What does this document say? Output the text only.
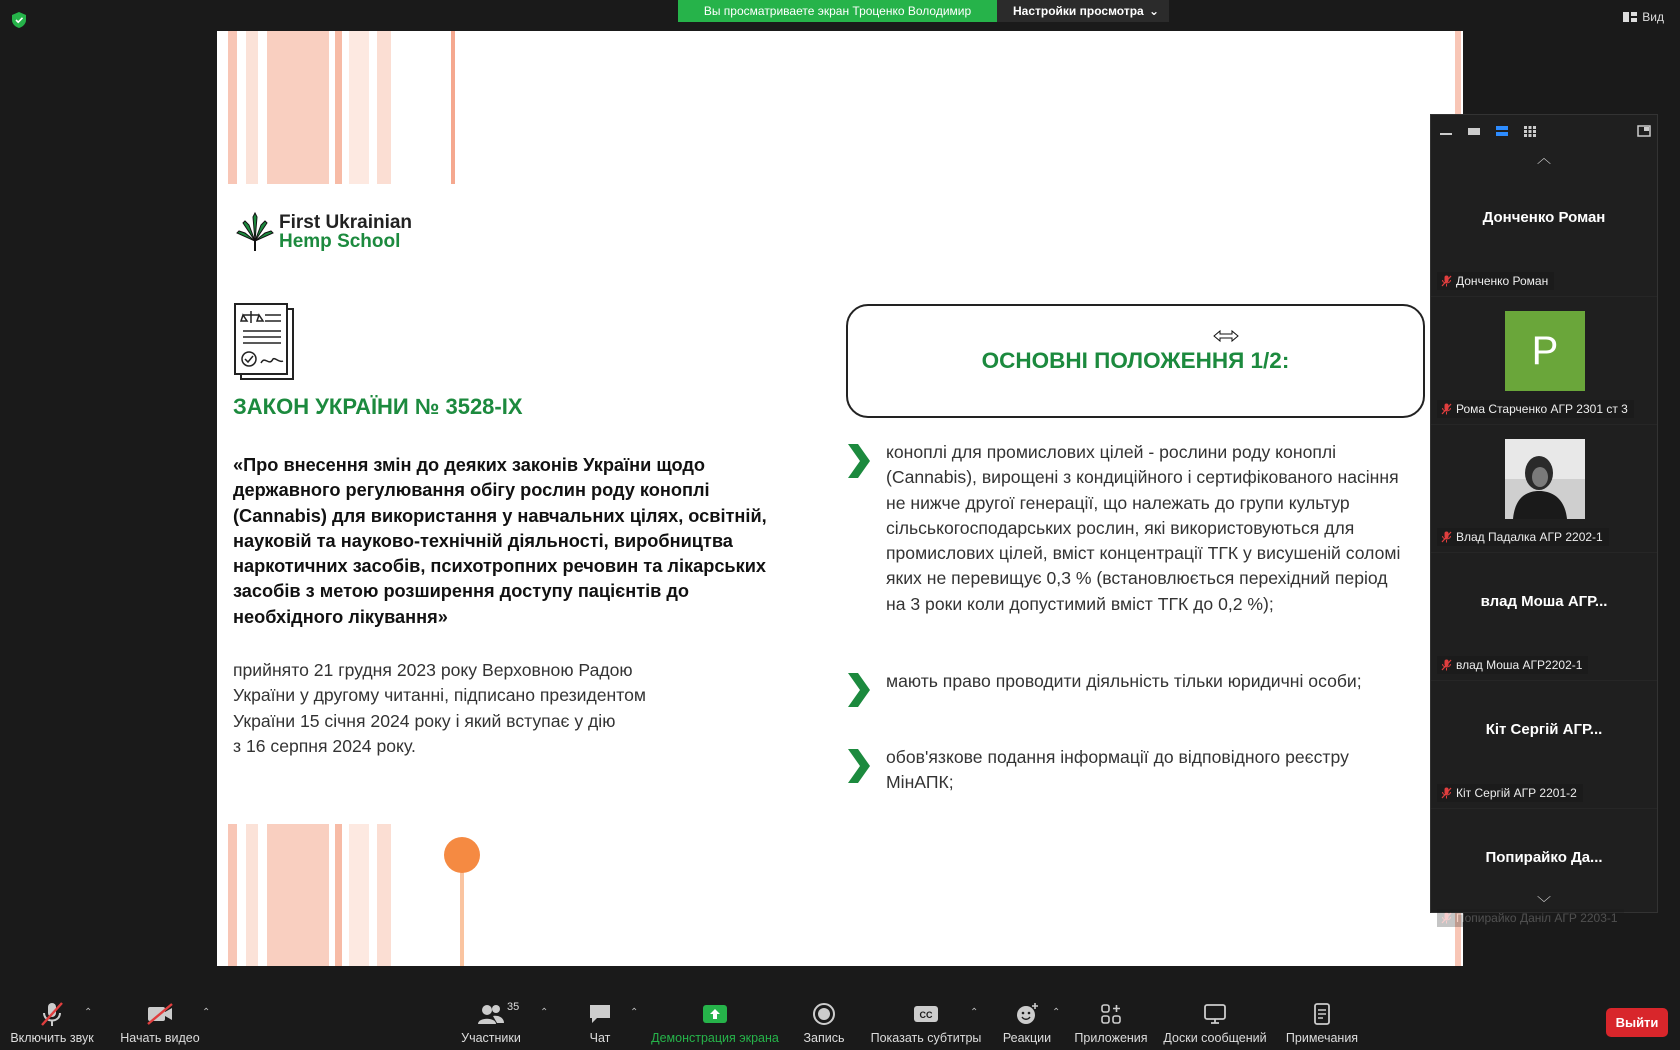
Вы просматриваете экран Троценко Володимир	Настройки просмотра ⌄	Вид
First Ukrainian
Hemp School
ЗАКОН УКРАЇНИ № 3528-IX
«Про внесення змін до деяких законів України щодо державного регулювання обігу рослин роду коноплі (Cannabis) для використання у навчальних цілях, освітній, науковій та науково-технічній діяльності, виробництва наркотичних засобів, психотропних речовин та лікарських засобів з метою розширення доступу пацієнтів до необхідного лікування»
прийнято 21 грудня 2023 року Верховною Радою
України у другому читанні, підписано президентом
України 15 січня 2024 року і який вступає у дію
з 16 серпня 2024 року.
ОСНОВНІ ПОЛОЖЕННЯ 1/2:
коноплі для промислових цілей - рослини роду коноплі (Cannabis), вирощені з кондиційного і сертифікованого насіння не нижче другої генерації, що належать до групи культур сільськогосподарських рослин, які використовуються для промислових цілей, вміст концентрації ТГК у висушеній соломі яких не перевищує 0,3 % (встановлюється перехідний період на 3 роки коли допустимий вміст ТГК до 0,2 %);
мають право проводити діяльність тільки юридичні особи;
обов'язкове подання інформації до відповідного реєстру МінАПК;
︿
Донченко Роман
Донченко Роман
P
Рома Старченко АГР 2301 ст 3
Влад Падалка АГР 2202-1
влад Моша АГР...
влад Моша АГР2202-1
Кіт Сергій АГР...
Кіт Сергій АГР 2201-2
Попирайко Да...
Попирайко Даніл АГР 2203-1
﹀
Включить звук
⌃
Начать видео
⌃	35
Участники
⌃
Чат
⌃
Демонстрация экрана Запись
CC
Показать субтитры
⌃
Реакции
⌃
Приложения Доски сообщений Примечания
Выйти
